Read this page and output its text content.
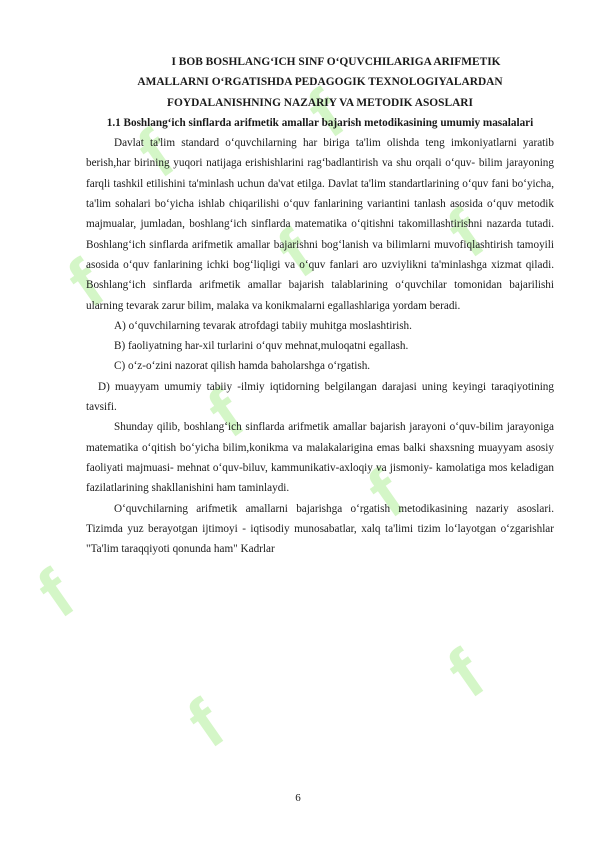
f
f
f
f
f
f
f
f
f
f
I BOB BOSHLANG‘ICH SINF O‘QUVCHILARIGA ARIFMETIK
AMALLARNI O‘RGATISHDA PEDAGOGIK TEXNOLOGIYALARDAN
FOYDALANISHNING NAZARIY VA METODIK ASOSLARI
1.1 Boshlang‘ich sinflarda arifmetik amallar bajarish metodikasining umumiy masalalari

Davlat ta'lim standard o‘quvchilarning har biriga ta'lim olishda teng imkoniyatlarni yaratib berish,har birining yuqori natijaga erishishlarini rag‘badlantirish va shu orqali o‘quv- bilim jarayoning farqli tashkil etilishini ta'minlash uchun da'vat etilga. Davlat ta'lim standartlarining o‘quv fani bo‘yicha, ta'lim sohalari bo‘yicha ishlab chiqarilishi o‘quv fanlarining variantini tanlash asosida o‘quv metodik majmualar, jumladan, boshlang‘ich sinflarda matematika o‘qitishni takomillashtirishni nazarda tutadi. Boshlang‘ich sinflarda arifmetik amallar bajarishni bog‘lanish va bilimlarni muvofiqlashtirish tamoyili asosida o‘quv fanlarining ichki bog‘liqligi va o‘quv fanlari aro uzviylikni ta'minlashga xizmat qiladi. Boshlang‘ich sinflarda arifmetik amallar bajarish talablarining o‘quvchilar tomonidan bajarilishi ularning tevarak zarur bilim, malaka va konikmalarni egallashlariga yordam beradi.

A) o‘quvchilarning tevarak atrofdagi tabiiy muhitga moslashtirish.

B) faoliyatning har-xil turlarini o‘quv mehnat,muloqatni egallash.

C) o‘z-o‘zini nazorat qilish hamda baholarshga o‘rgatish.

D) muayyam umumiy tabiiy -ilmiy iqtidorning belgilangan darajasi uning keyingi taraqiyotining tavsifi.

Shunday qilib, boshlang‘ich sinflarda arifmetik amallar bajarish jarayoni o‘quv-bilim jarayoniga matematika o‘qitish bo‘yicha bilim,konikma va malakalarigina emas balki shaxsning muayyam asosiy faoliyati majmuasi- mehnat o‘quv-biluv, kammunikativ-axloqiy va jismoniy- kamolatiga mos keladigan fazilatlarining shakllanishini ham taminlaydi.

O‘quvchilarning arifmetik amallarni bajarishga o‘rgatish metodikasining nazariy asoslari. Tizimda yuz berayotgan ijtimoyi - iqtisodiy munosabatlar, xalq ta'limi tizim lo‘layotgan o‘zgarishlar "Ta'lim taraqqiyoti qonunda ham" Kadrlar

6
